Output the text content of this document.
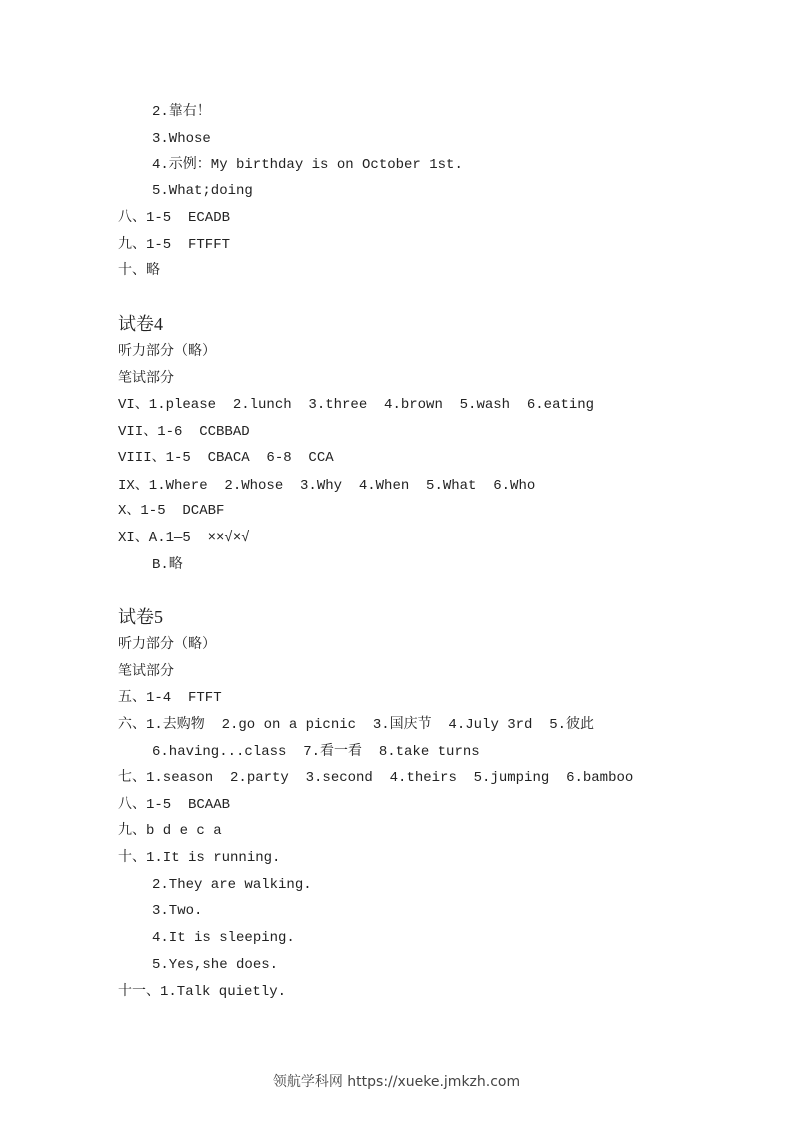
2.靠右！
3.Whose
4.示例：My birthday is on October 1st.
5.What;doing
八、1-5  ECADB
九、1-5  FTFFT
十、略
试卷4
听力部分（略）
笔试部分
VI、1.please  2.lunch  3.three  4.brown  5.wash  6.eating
VII、1-6  CCBBAD
VIII、1-5  CBACA  6-8  CCA
IX、1.Where  2.Whose  3.Why  4.When  5.What  6.Who
X、1-5  DCABF
XI、A.1—5  ××√×√
B.略
试卷5
听力部分（略）
笔试部分
五、1-4  FTFT
六、1.去购物  2.go on a picnic  3.国庆节  4.July 3rd  5.彼此
6.having...class  7.看一看  8.take turns
七、1.season  2.party  3.second  4.theirs  5.jumping  6.bamboo
八、1-5  BCAAB
九、b d e c a
十、1.It is running.
2.They are walking.
3.Two.
4.It is sleeping.
5.Yes,she does.
十一、1.Talk quietly.
领航学科网 https://xueke.jmkzh.com
